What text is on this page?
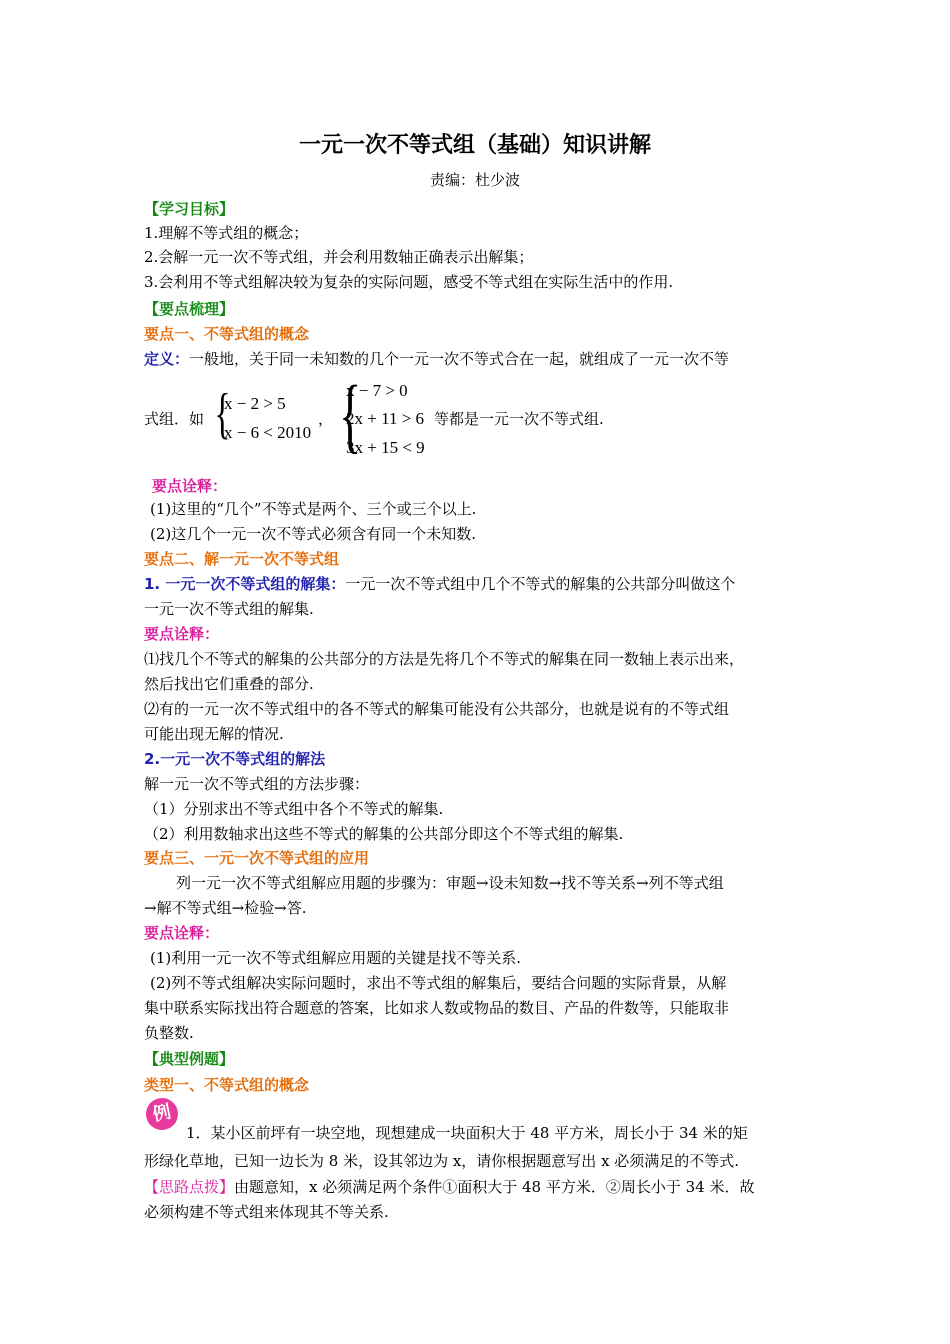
一元一次不等式组（基础）知识讲解
责编：杜少波
【学习目标】
1.理解不等式组的概念；
2.会解一元一次不等式组，并会利用数轴正确表示出解集；
3.会利用不等式组解决较为复杂的实际问题，感受不等式组在实际生活中的作用.
【要点梳理】
要点一、不等式组的概念
定义：一般地，关于同一未知数的几个一元一次不等式合在一起，就组成了一元一次不等
式组．如 {
x − 2 > 5
x − 6 < 2010
， {
x − 7 > 0
2x + 11 > 6
3x + 15 < 9
等都是一元一次不等式组.
要点诠释：
(1)这里的“几个”不等式是两个、三个或三个以上.
(2)这几个一元一次不等式必须含有同一个未知数.
要点二、解一元一次不等式组
1. 一元一次不等式组的解集：一元一次不等式组中几个不等式的解集的公共部分叫做这个
一元一次不等式组的解集.
要点诠释：
⑴找几个不等式的解集的公共部分的方法是先将几个不等式的解集在同一数轴上表示出来，
然后找出它们重叠的部分.
⑵有的一元一次不等式组中的各不等式的解集可能没有公共部分，也就是说有的不等式组
可能出现无解的情况.
2.一元一次不等式组的解法
解一元一次不等式组的方法步骤：
（1）分别求出不等式组中各个不等式的解集.
（2）利用数轴求出这些不等式的解集的公共部分即这个不等式组的解集.
要点三、一元一次不等式组的应用
列一元一次不等式组解应用题的步骤为：审题→设未知数→找不等关系→列不等式组
→解不等式组→检验→答.
要点诠释：
(1)利用一元一次不等式组解应用题的关键是找不等关系.
(2)列不等式组解决实际问题时，求出不等式组的解集后，要结合问题的实际背景，从解
集中联系实际找出符合题意的答案，比如求人数或物品的数目、产品的件数等，只能取非
负整数.
【典型例题】
类型一、不等式组的概念
例
1．某小区前坪有一块空地，现想建成一块面积大于 48 平方米，周长小于 34 米的矩
形绿化草地，已知一边长为 8 米，设其邻边为 x，请你根据题意写出 x 必须满足的不等式.
【思路点拨】由题意知，x 必须满足两个条件①面积大于 48 平方米．②周长小于 34 米．故
必须构建不等式组来体现其不等关系.
